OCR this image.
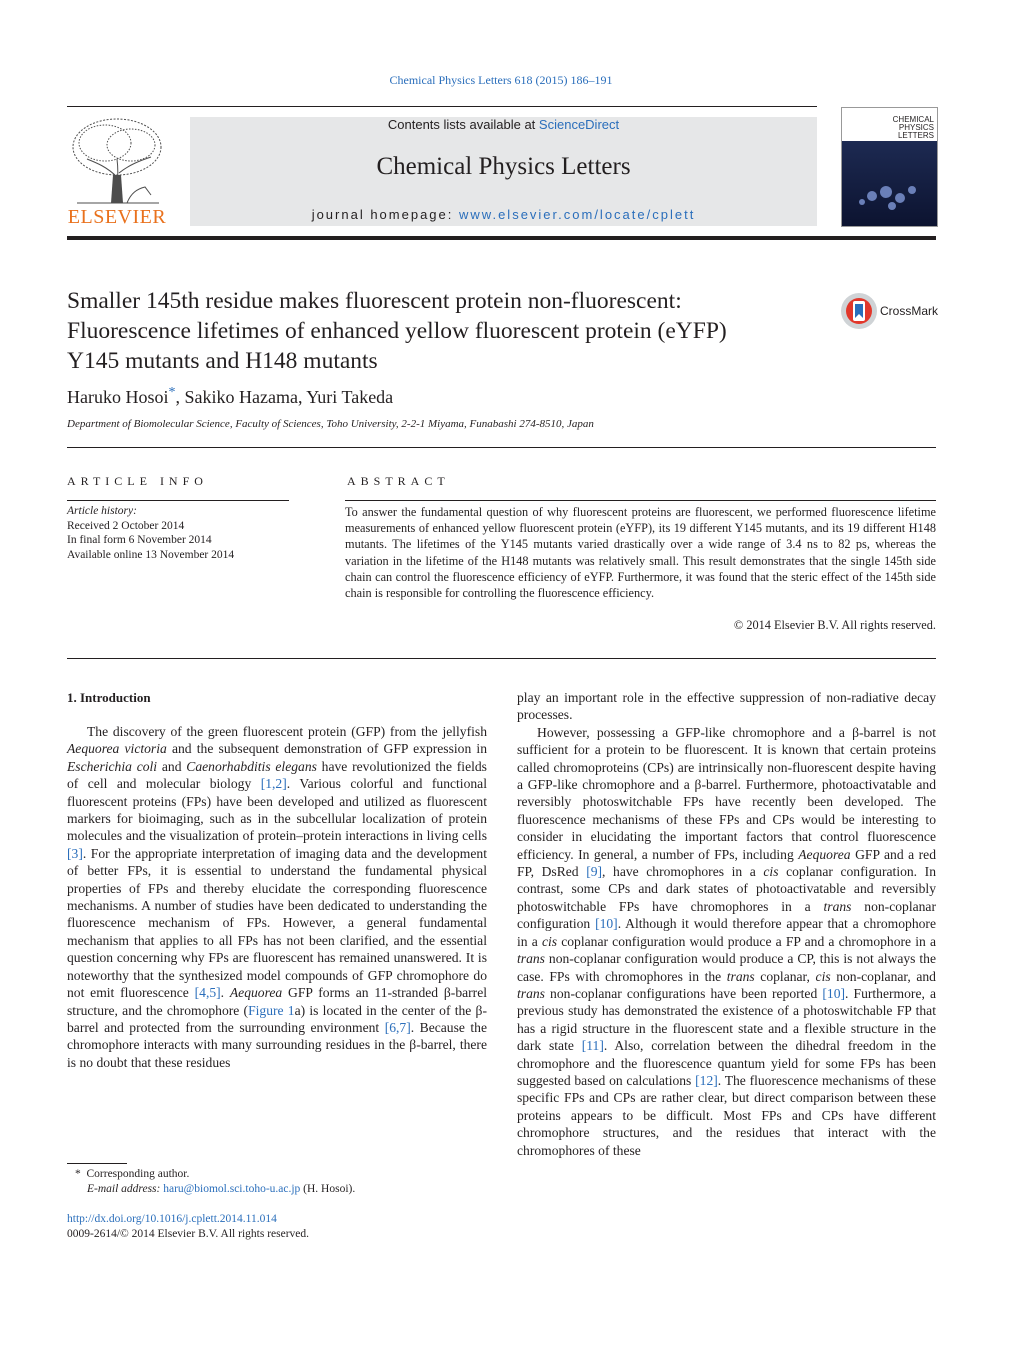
Chemical Physics Letters 618 (2015) 186–191
ELSEVIER
Contents lists available at ScienceDirect
Chemical Physics Letters
journal homepage: www.elsevier.com/locate/cplett
CHEMICAL PHYSICS LETTERS
Smaller 145th residue makes fluorescent protein non-fluorescent:
Fluorescence lifetimes of enhanced yellow fluorescent protein (eYFP)
Y145 mutants and H148 mutants
CrossMark
Haruko Hosoi*, Sakiko Hazama, Yuri Takeda
Department of Biomolecular Science, Faculty of Sciences, Toho University, 2-2-1 Miyama, Funabashi 274-8510, Japan
ARTICLE INFO
Article history:
Received 2 October 2014
In final form 6 November 2014
Available online 13 November 2014
ABSTRACT
To answer the fundamental question of why fluorescent proteins are fluorescent, we performed fluorescence lifetime measurements of enhanced yellow fluorescent protein (eYFP), its 19 different Y145 mutants, and its 19 different H148 mutants. The lifetimes of the Y145 mutants varied drastically over a wide range of 3.4 ns to 82 ps, whereas the variation in the lifetime of the H148 mutants was relatively small. This result demonstrates that the single 145th side chain can control the fluorescence efficiency of eYFP. Furthermore, it was found that the steric effect of the 145th side chain is responsible for controlling the fluorescence efficiency.
© 2014 Elsevier B.V. All rights reserved.
1. Introduction

The discovery of the green fluorescent protein (GFP) from the jellyfish Aequorea victoria and the subsequent demonstration of GFP expression in Escherichia coli and Caenorhabditis elegans have revolutionized the fields of cell and molecular biology [1,2]. Various colorful and functional fluorescent proteins (FPs) have been developed and utilized as fluorescent markers for bioimaging, such as in the subcellular localization of protein molecules and the visualization of protein–protein interactions in living cells [3]. For the appropriate interpretation of imaging data and the development of better FPs, it is essential to understand the fundamental physical properties of FPs and thereby elucidate the corresponding fluorescence mechanisms. A number of studies have been dedicated to understanding the fluorescence mechanism of FPs. However, a general fundamental mechanism that applies to all FPs has not been clarified, and the essential question concerning why FPs are fluorescent has remained unanswered. It is noteworthy that the synthesized model compounds of GFP chromophore do not emit fluorescence [4,5]. Aequorea GFP forms an 11-stranded β-barrel structure, and the chromophore (Figure 1a) is located in the center of the β-barrel and protected from the surrounding environment [6,7]. Because the chromophore interacts with many surrounding residues in the β-barrel, there is no doubt that these residues

play an important role in the effective suppression of non-radiative decay processes.

However, possessing a GFP-like chromophore and a β-barrel is not sufficient for a protein to be fluorescent. It is known that certain proteins called chromoproteins (CPs) are intrinsically non-fluorescent despite having a GFP-like chromophore and a β-barrel. Furthermore, photoactivatable and reversibly photoswitchable FPs have recently been developed. The fluorescence mechanisms of these FPs and CPs would be interesting to consider in elucidating the important factors that control fluorescence efficiency. In general, a number of FPs, including Aequorea GFP and a red FP, DsRed [9], have chromophores in a cis coplanar configuration. In contrast, some CPs and dark states of photoactivatable and reversibly photoswitchable FPs have chromophores in a trans non-coplanar configuration [10]. Although it would therefore appear that a chromophore in a cis coplanar configuration would produce a FP and a chromophore in a trans non-coplanar configuration would produce a CP, this is not always the case. FPs with chromophores in the trans coplanar, cis non-coplanar, and trans non-coplanar configurations have been reported [10]. Furthermore, a previous study has demonstrated the existence of a photoswitchable FP that has a rigid structure in the fluorescent state and a flexible structure in the dark state [11]. Also, correlation between the dihedral freedom in the chromophore and the fluorescence quantum yield for some FPs has been suggested based on calculations [12]. The fluorescence mechanisms of these specific FPs and CPs are rather clear, but direct comparison between these proteins appears to be difficult. Most FPs and CPs have different chromophore structures, and the residues that interact with the chromophores of these

* Corresponding author.
E-mail address: haru@biomol.sci.toho-u.ac.jp (H. Hosoi).
http://dx.doi.org/10.1016/j.cplett.2014.11.014
0009-2614/© 2014 Elsevier B.V. All rights reserved.
